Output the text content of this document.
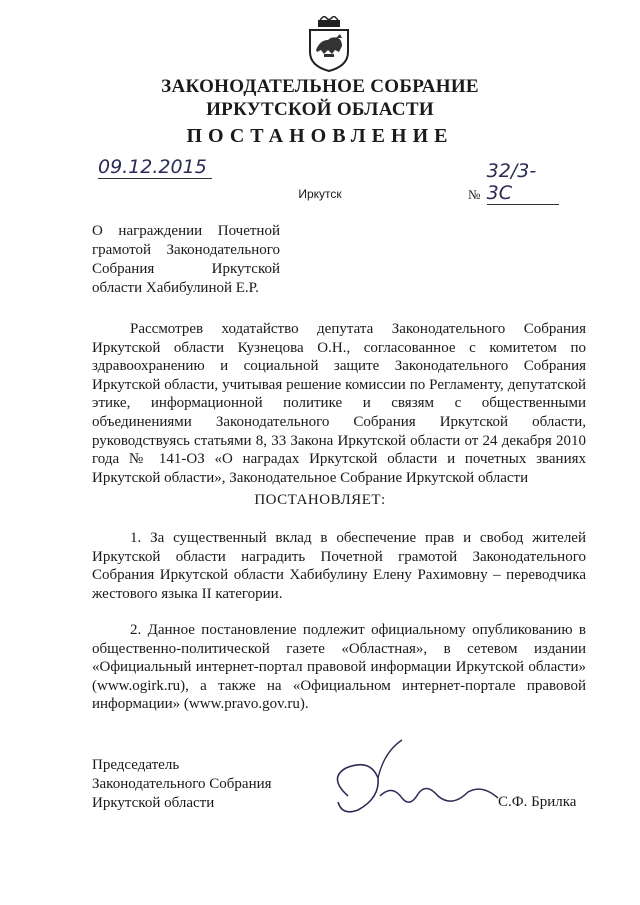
ЗАКОНОДАТЕЛЬНОЕ СОБРАНИЕ
ИРКУТСКОЙ ОБЛАСТИ
ПОСТАНОВЛЕНИЕ
09.12.2015
№ 32/3-3С
Иркутск
О награждении Почетной грамотой Законодательного Собрания Иркутской области Хабибулиной Е.Р.

Рассмотрев ходатайство депутата Законодательного Собрания Иркутской области Кузнецова О.Н., согласованное с комитетом по здравоохранению и социальной защите Законодательного Собрания Иркутской области, учитывая решение комиссии по Регламенту, депутатской этике, информационной политике и связям с общественными объединениями Законодательного Собрания Иркутской области, руководствуясь статьями 8, 33 Закона Иркутской области от 24 декабря 2010 года № 141-ОЗ «О наградах Иркутской области и почетных званиях Иркутской области», Законодательное Собрание Иркутской области

ПОСТАНОВЛЯЕТ:

1. За существенный вклад в обеспечение прав и свобод жителей Иркутской области наградить Почетной грамотой Законодательного Собрания Иркутской области Хабибулину Елену Рахимовну – переводчика жестового языка II категории.

2. Данное постановление подлежит официальному опубликованию в общественно-политической газете «Областная», в сетевом издании «Официальный интернет-портал правовой информации Иркутской области» (www.ogirk.ru), а также на «Официальном интернет-портале правовой информации» (www.pravo.gov.ru).

Председатель
Законодательного Собрания
Иркутской области	С.Ф. Брилка
